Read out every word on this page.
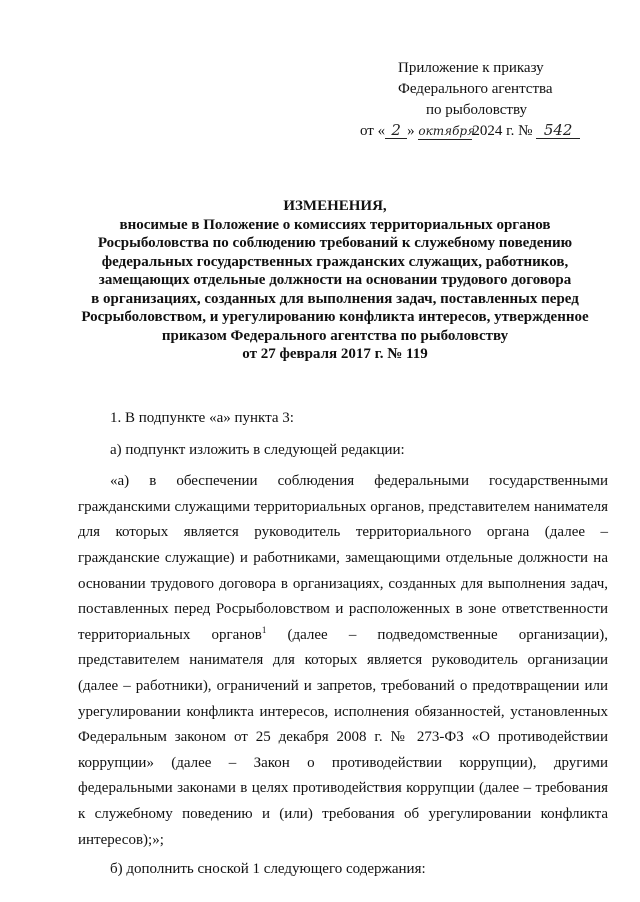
Приложение к приказу
Федерального агентства
по рыболовству
от « 2 » октября2024 г. № 542
ИЗМЕНЕНИЯ,
вносимые в Положение о комиссиях территориальных органов
Росрыболовства по соблюдению требований к служебному поведению
федеральных государственных гражданских служащих, работников,
замещающих отдельные должности на основании трудового договора
в организациях, созданных для выполнения задач, поставленных перед
Росрыболовством, и урегулированию конфликта интересов, утвержденное
приказом Федерального агентства по рыболовству
от 27 февраля 2017 г. № 119

1. В подпункте «а» пункта 3:

а) подпункт изложить в следующей редакции:

«а) в обеспечении соблюдения федеральными государственными гражданскими служащими территориальных органов, представителем нанимателя для которых является руководитель территориального органа (далее – гражданские служащие) и работниками, замещающими отдельные должности на основании трудового договора в организациях, созданных для выполнения задач, поставленных перед Росрыболовством и расположенных в зоне ответственности территориальных органов$^1$ (далее – подведомственные организации), представителем нанимателя для которых является руководитель организации (далее – работники), ограничений и запретов, требований о предотвращении или урегулировании конфликта интересов, исполнения обязанностей, установленных Федеральным законом от 25 декабря 2008 г. № 273-ФЗ «О противодействии коррупции» (далее – Закон о противодействии коррупции), другими федеральными законами в целях противодействия коррупции (далее – требования к служебному поведению и (или) требования об урегулировании конфликта интересов);»;

б) дополнить сноской 1 следующего содержания:
